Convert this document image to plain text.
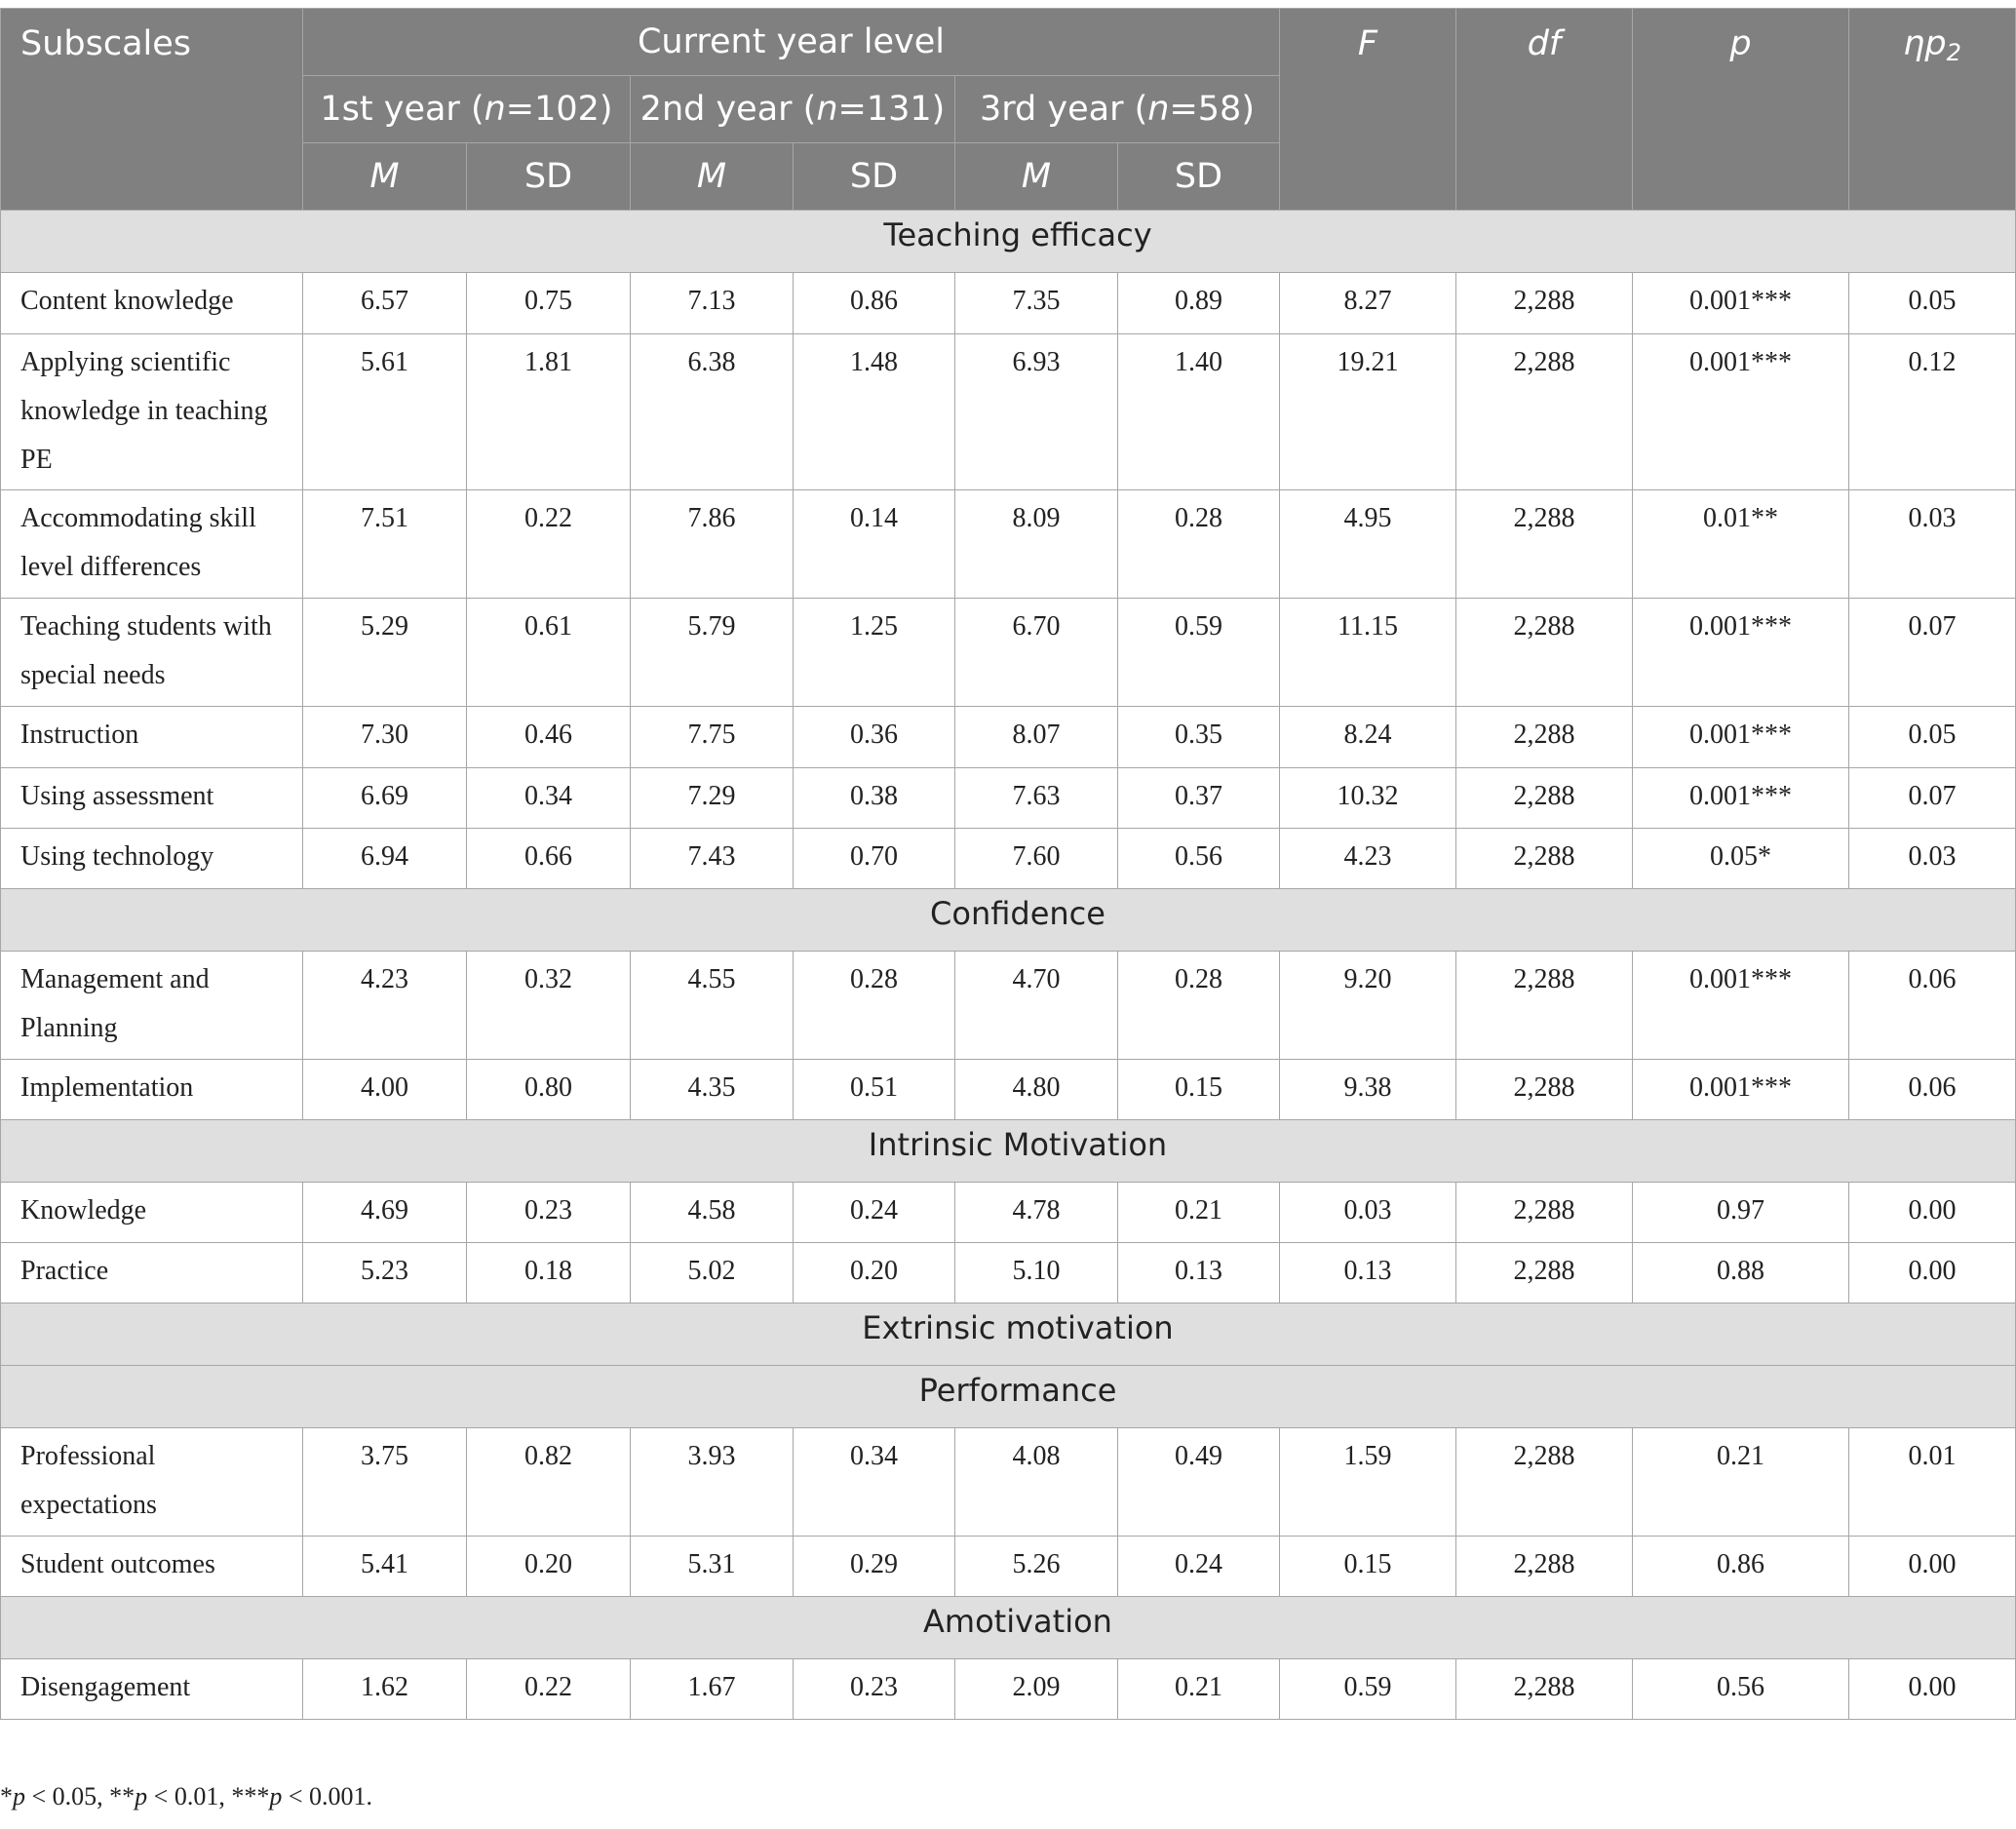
Subscales	Current year level						F	df	p	$\eta p_2$
	1st year (n=102)		2nd year (n=131)		3rd year (n=58)					
	M	SD	M	SD	M	SD				
Teaching efficacy										
Content knowledge	6.57	0.75	7.13	0.86	7.35	0.89	8.27	2,288	0.001***	0.05
Applying scientific knowledge in teaching PE	5.61	1.81	6.38	1.48	6.93	1.40	19.21	2,288	0.001***	0.12
Accommodating skill level differences	7.51	0.22	7.86	0.14	8.09	0.28	4.95	2,288	0.01**	0.03
Teaching students with special needs	5.29	0.61	5.79	1.25	6.70	0.59	11.15	2,288	0.001***	0.07
Instruction	7.30	0.46	7.75	0.36	8.07	0.35	8.24	2,288	0.001***	0.05
Using assessment	6.69	0.34	7.29	0.38	7.63	0.37	10.32	2,288	0.001***	0.07
Using technology	6.94	0.66	7.43	0.70	7.60	0.56	4.23	2,288	0.05*	0.03
Confidence										
Management and Planning	4.23	0.32	4.55	0.28	4.70	0.28	9.20	2,288	0.001***	0.06
Implementation	4.00	0.80	4.35	0.51	4.80	0.15	9.38	2,288	0.001***	0.06
Intrinsic Motivation										
Knowledge	4.69	0.23	4.58	0.24	4.78	0.21	0.03	2,288	0.97	0.00
Practice	5.23	0.18	5.02	0.20	5.10	0.13	0.13	2,288	0.88	0.00
Extrinsic motivation										
Performance										
Professional expectations	3.75	0.82	3.93	0.34	4.08	0.49	1.59	2,288	0.21	0.01
Student outcomes	5.41	0.20	5.31	0.29	5.26	0.24	0.15	2,288	0.86	0.00
Amotivation										
Disengagement	1.62	0.22	1.67	0.23	2.09	0.21	0.59	2,288	0.56	0.00
*p < 0.05, **p < 0.01, ***p < 0.001.
